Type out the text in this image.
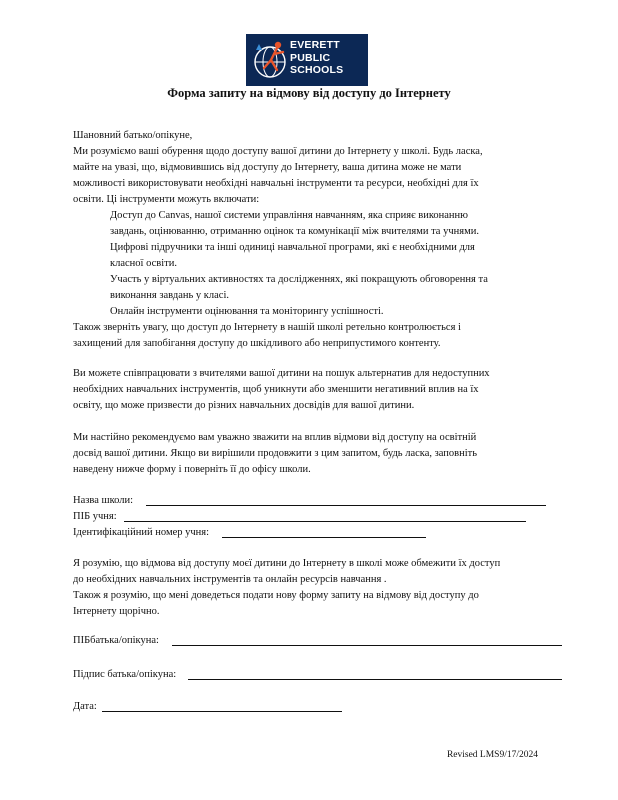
EVERETT
PUBLIC
SCHOOLS
Форма запиту на відмову від доступу до Інтернету
Шановний батько/опікуне,
Ми розуміємо ваші обурення щодо доступу вашої дитини до Інтернету у школі. Будь ласка,
майте на увазі, що, відмовившись від доступу до Інтернету, ваша дитина може не мати
можливості використовувати необхідні навчальні інструменти та ресурси, необхідні для їх
освіти. Ці інструменти можуть включати:
Доступ до Canvas, нашої системи управління навчанням, яка сприяє виконанню
завдань, оцінюванню, отриманню оцінок та комунікації між вчителями та учнями.
Цифрові підручники та інші одиниці навчальної програми, які є необхідними для
класної освіти.
Участь у віртуальних активностях та дослідженнях, які покращують обговорення та
виконання завдань у класі.
Онлайн інструменти оцінювання та моніторингу успішності.
Також зверніть увагу, що доступ до Інтернету в нашій школі ретельно контролюється і
захищений для запобігання доступу до шкідливого або неприпустимого контенту.
Ви можете співпрацювати з вчителями вашої дитини на пошук альтернатив для недоступних
необхідних навчальних інструментів, щоб уникнути або зменшити негативний вплив на їх
освіту, що може призвести до різних навчальних досвідів для вашої дитини.
Ми настійно рекомендуємо вам уважно зважити на вплив відмови від доступу на освітній
досвід вашої дитини. Якщо ви вирішили продовжити з цим запитом, будь ласка, заповніть
наведену нижче форму і поверніть її до офісу школи.
Назва школи:
ПІБ учня:
Ідентифікаційний номер учня:
Я розумію, що відмова від доступу моєї дитини до Інтернету в школі може обмежити їх доступ
до необхідних навчальних інструментів та онлайн ресурсів навчання .
Також я розумію, що мені доведеться подати нову форму запиту на відмову від доступу до
Інтернету щорічно.
ПІБбатька/опікуна:
Підпис батька/опікуна:
Дата:
Revised LMS9/17/2024
